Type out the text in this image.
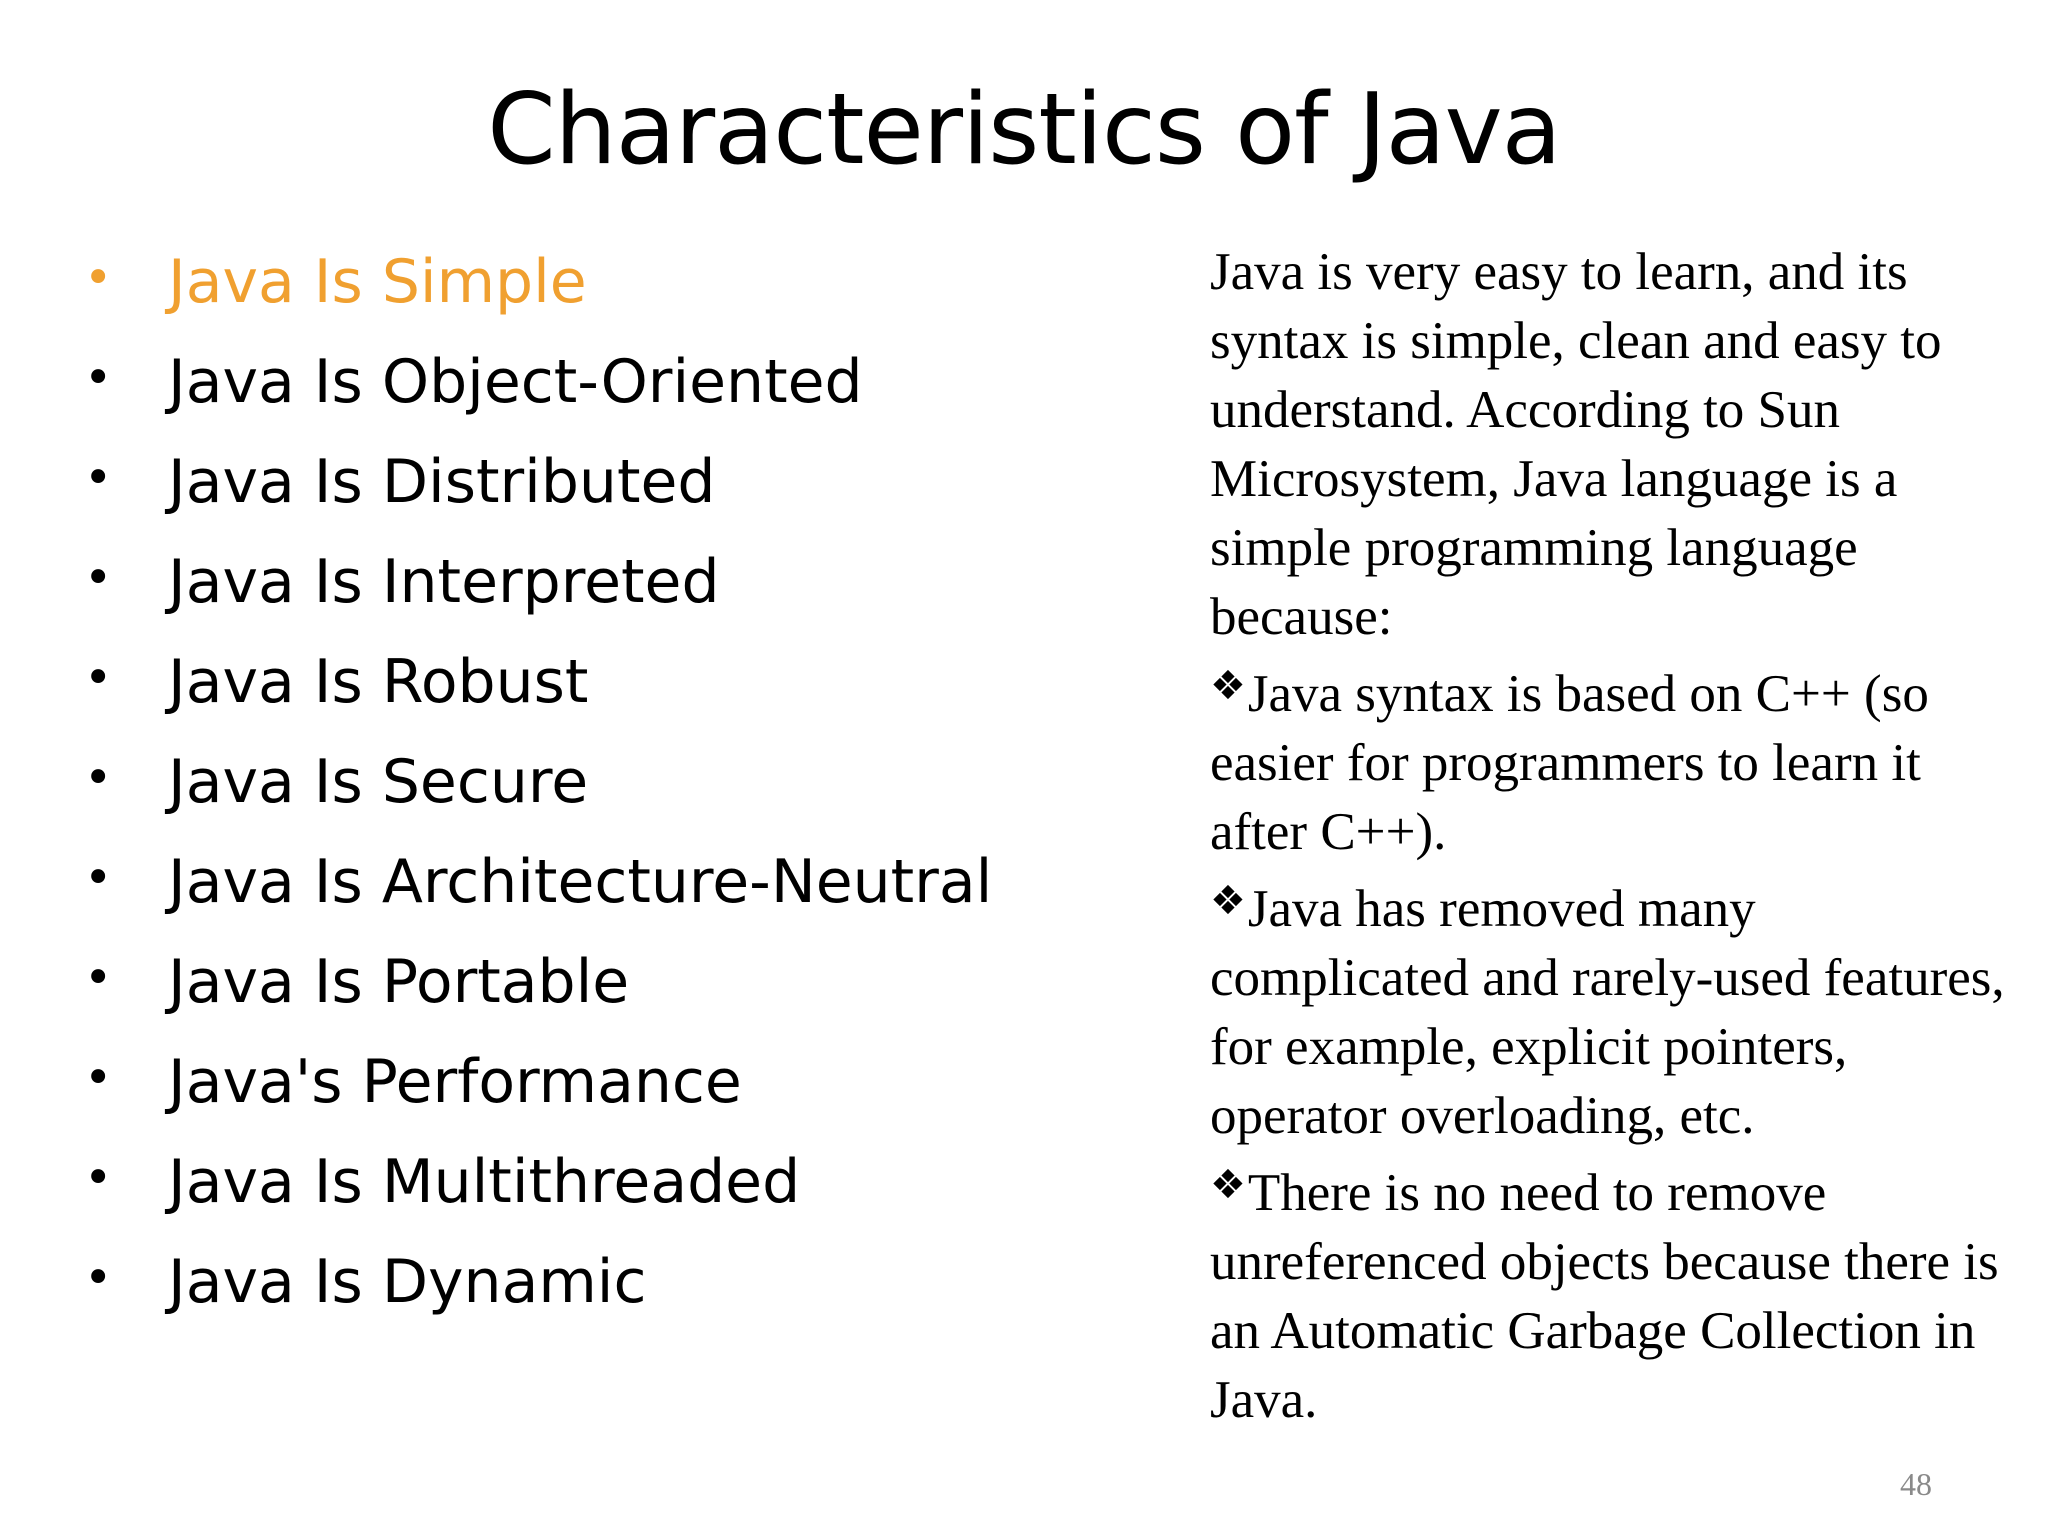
Characteristics of Java
• Java Is Simple
• Java Is Object-Oriented
• Java Is Distributed
• Java Is Interpreted
• Java Is Robust
• Java Is Secure
• Java Is Architecture-Neutral
• Java Is Portable
• Java's Performance
• Java Is Multithreaded
• Java Is Dynamic

Java is very easy to learn, and its syntax is simple, clean and easy to understand. According to Sun Microsystem, Java language is a simple programming language because:

❖Java syntax is based on C++ (so easier for programmers to learn it after C++).

❖Java has removed many complicated and rarely-used features, for example, explicit pointers, operator overloading, etc.

❖There is no need to remove unreferenced objects because there is an Automatic Garbage Collection in Java.

48
